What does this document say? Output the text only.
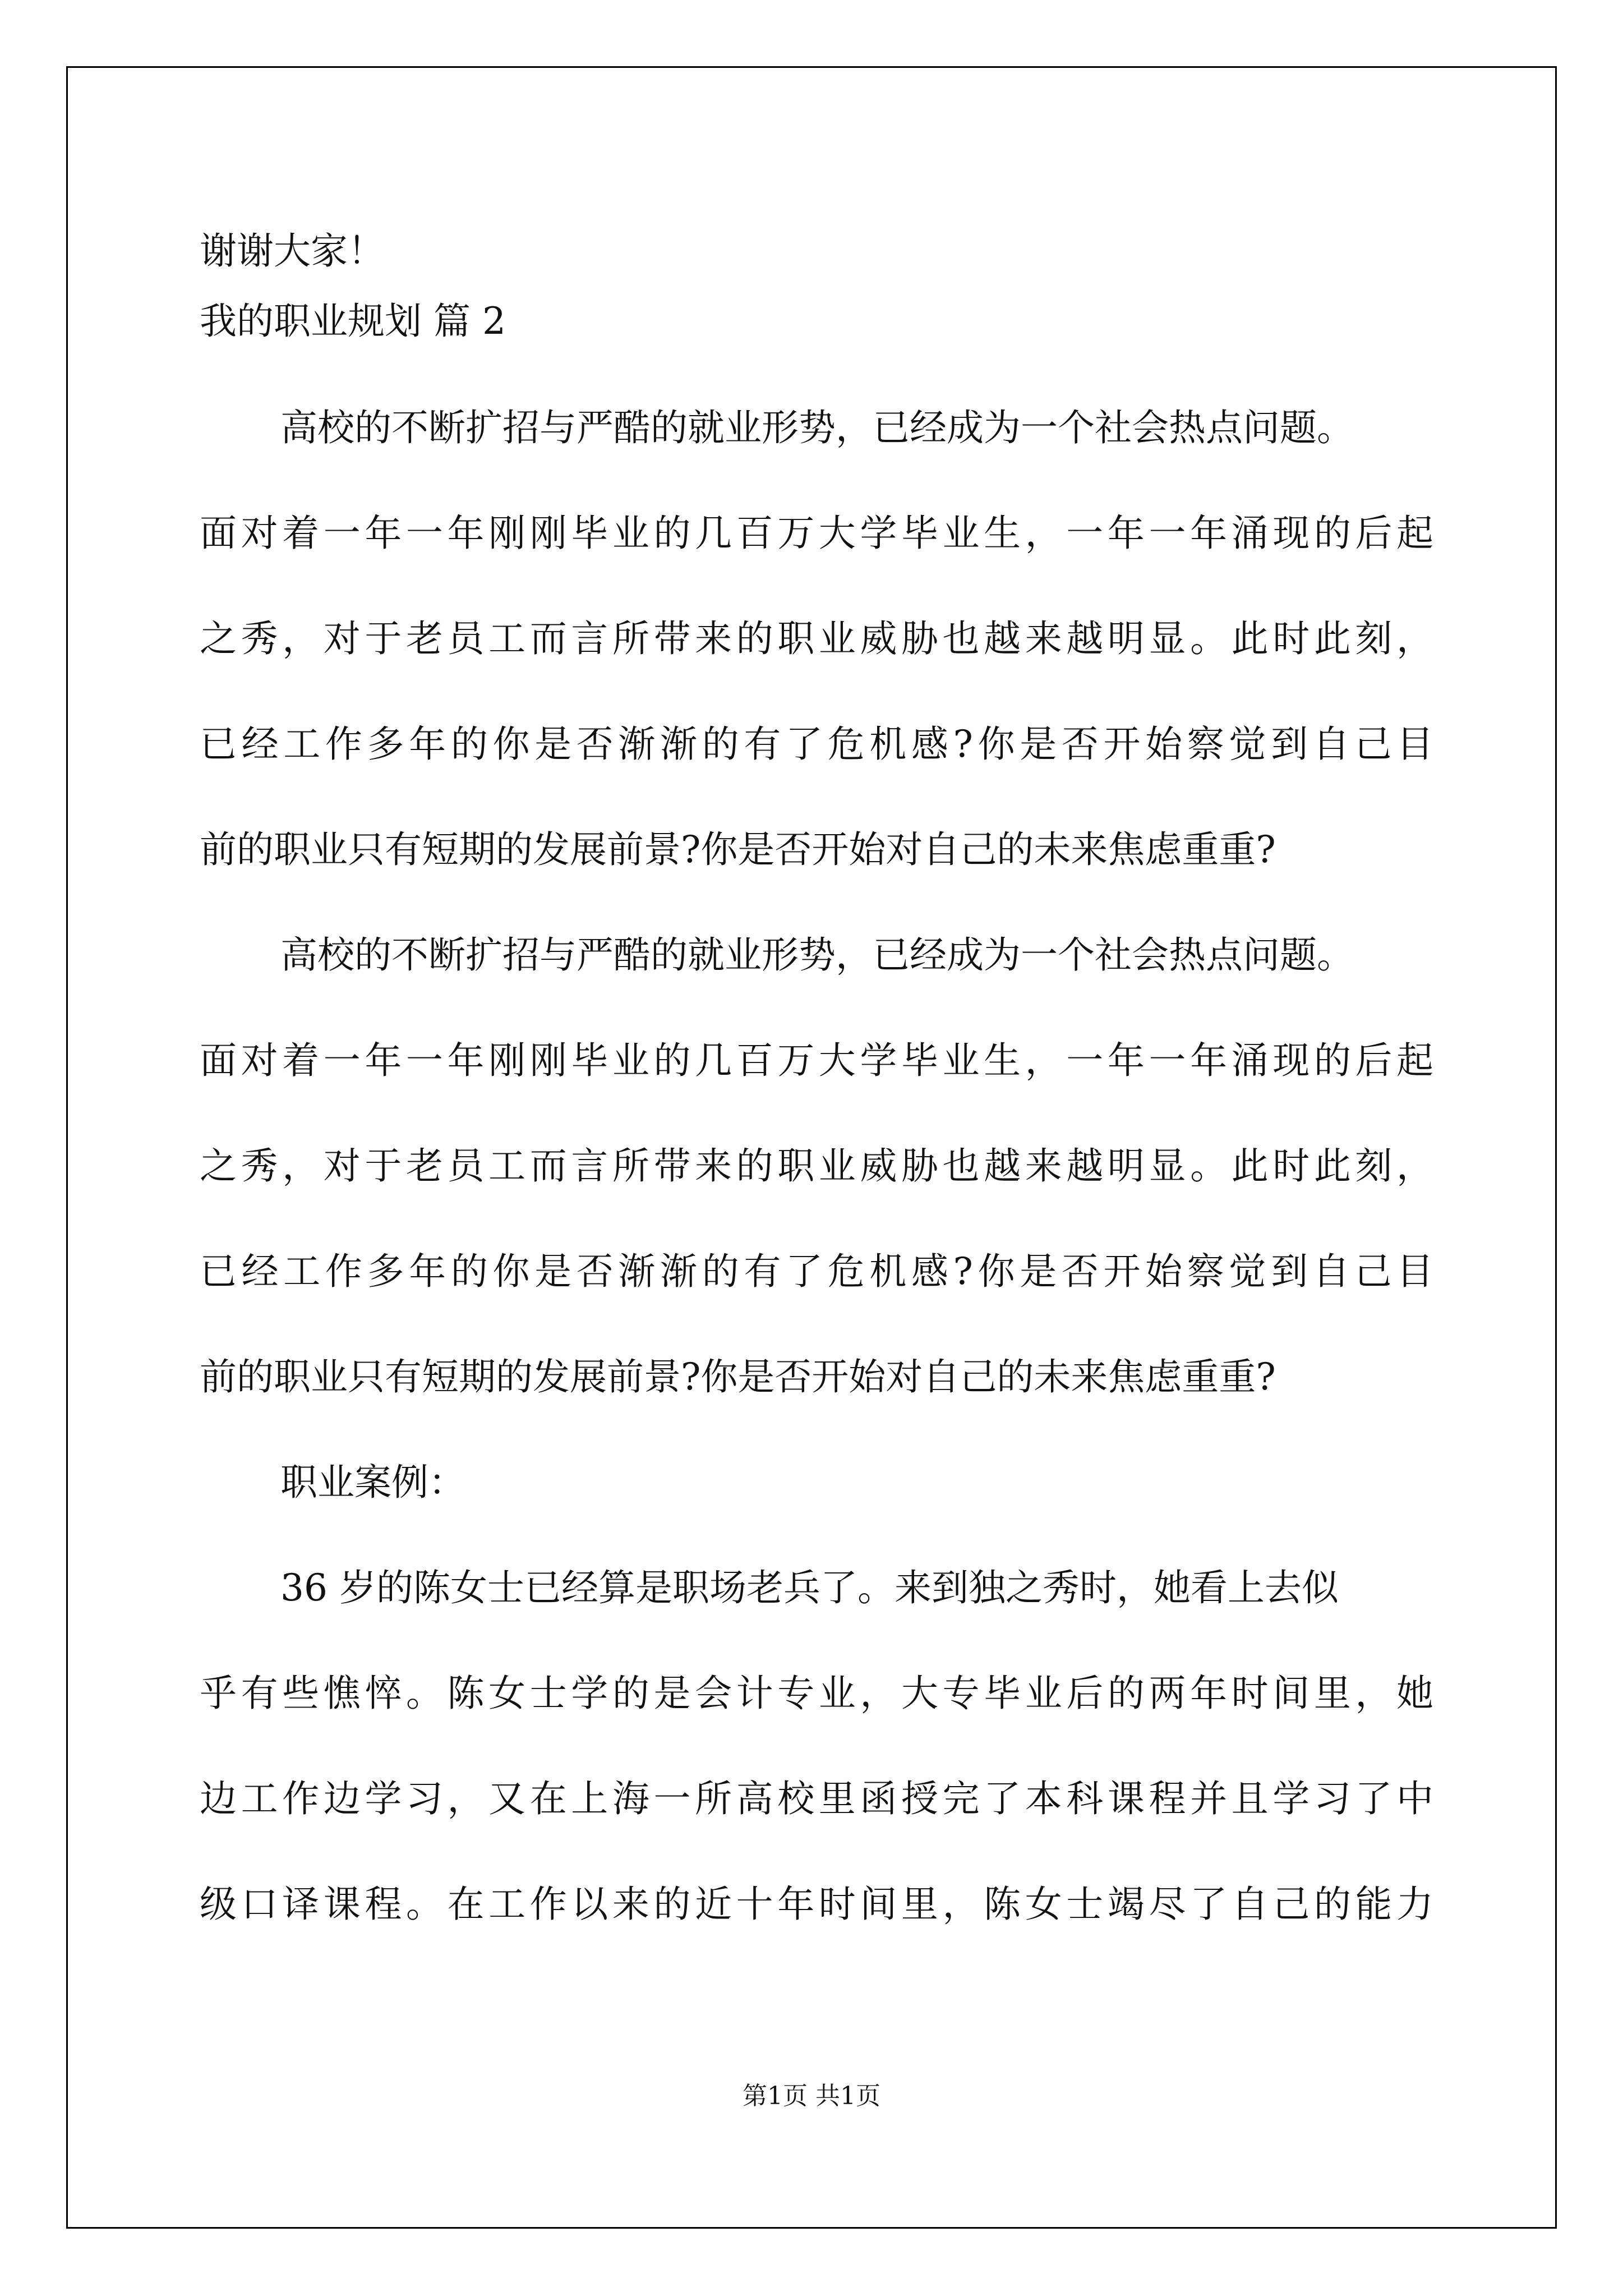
谢谢大家！
我的职业规划 篇 2
高校的不断扩招与严酷的就业形势，已经成为一个社会热点问题。
面对着一年一年刚刚毕业的几百万大学毕业生，一年一年涌现的后起
之秀，对于老员工而言所带来的职业威胁也越来越明显。此时此刻，
已经工作多年的你是否渐渐的有了危机感?你是否开始察觉到自己目
前的职业只有短期的发展前景?你是否开始对自己的未来焦虑重重?
高校的不断扩招与严酷的就业形势，已经成为一个社会热点问题。
面对着一年一年刚刚毕业的几百万大学毕业生，一年一年涌现的后起
之秀，对于老员工而言所带来的职业威胁也越来越明显。此时此刻，
已经工作多年的你是否渐渐的有了危机感?你是否开始察觉到自己目
前的职业只有短期的发展前景?你是否开始对自己的未来焦虑重重?
职业案例：
36 岁的陈女士已经算是职场老兵了。来到独之秀时，她看上去似
乎有些憔悴。陈女士学的是会计专业，大专毕业后的两年时间里，她
边工作边学习，又在上海一所高校里函授完了本科课程并且学习了中
级口译课程。在工作以来的近十年时间里，陈女士竭尽了自己的能力
第1页 共1页
